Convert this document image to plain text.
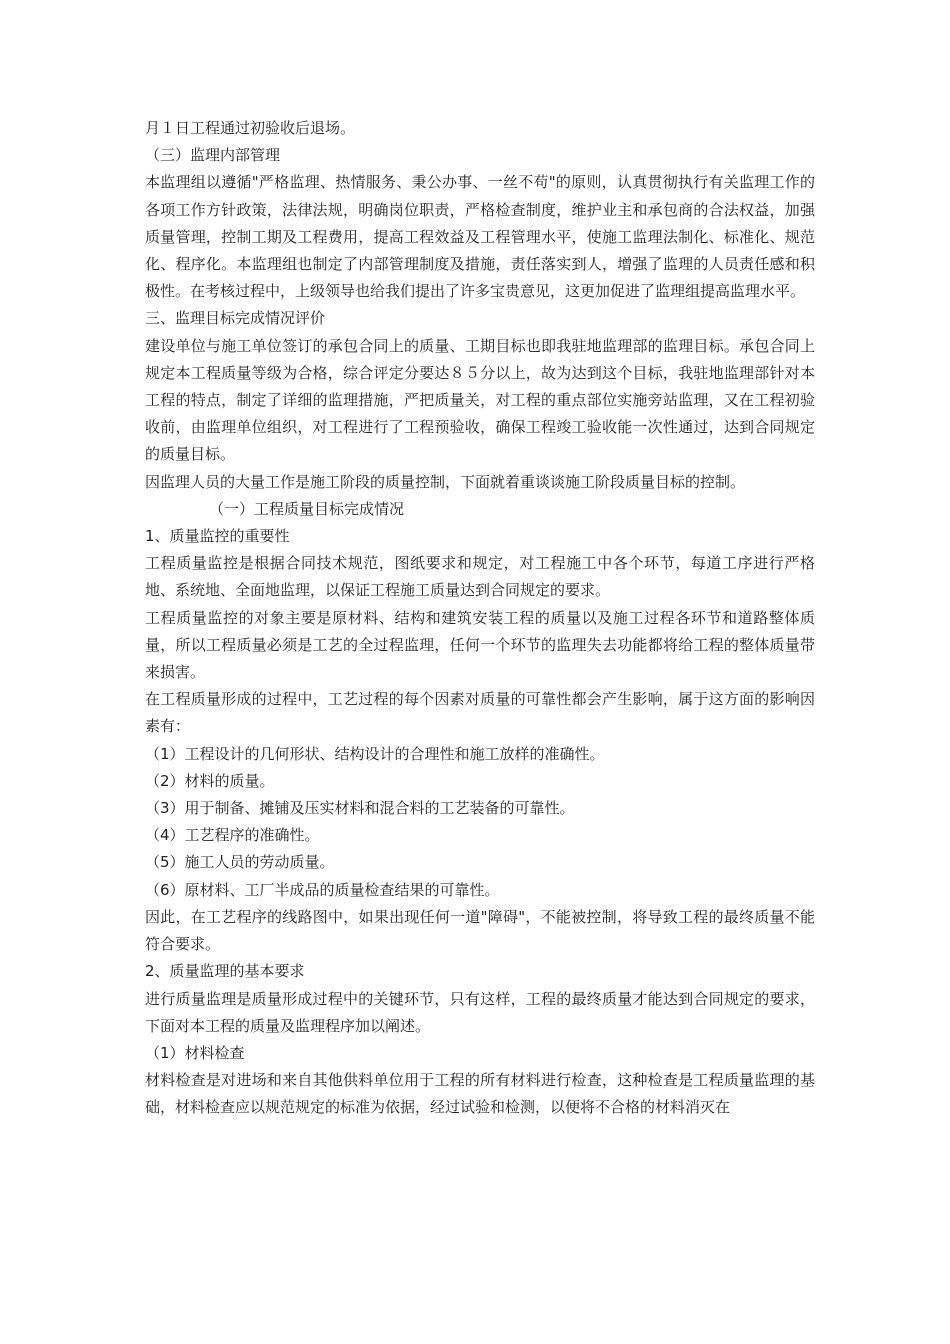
月１日工程通过初验收后退场。

（三）监理内部管理

本监理组以遵循"严格监理、热情服务、秉公办事、一丝不苟"的原则，认真贯彻执行有关监理工作的各项工作方针政策，法律法规，明确岗位职责，严格检查制度，维护业主和承包商的合法权益，加强质量管理，控制工期及工程费用，提高工程效益及工程管理水平，使施工监理法制化、标准化、规范化、程序化。本监理组也制定了内部管理制度及措施，责任落实到人，增强了监理的人员责任感和积极性。在考核过程中，上级领导也给我们提出了许多宝贵意见，这更加促进了监理组提高监理水平。

三、监理目标完成情况评价

建设单位与施工单位签订的承包合同上的质量、工期目标也即我驻地监理部的监理目标。承包合同上规定本工程质量等级为合格，综合评定分要达８５分以上，故为达到这个目标，我驻地监理部针对本工程的特点，制定了详细的监理措施，严把质量关，对工程的重点部位实施旁站监理，又在工程初验收前，由监理单位组织，对工程进行了工程预验收，确保工程竣工验收能一次性通过，达到合同规定的质量目标。

因监理人员的大量工作是施工阶段的质量控制，下面就着重谈谈施工阶段质量目标的控制。

（一）工程质量目标完成情况

1、质量监控的重要性

工程质量监控是根据合同技术规范，图纸要求和规定，对工程施工中各个环节，每道工序进行严格地、系统地、全面地监理，以保证工程施工质量达到合同规定的要求。

工程质量监控的对象主要是原材料、结构和建筑安装工程的质量以及施工过程各环节和道路整体质量，所以工程质量必须是工艺的全过程监理，任何一个环节的监理失去功能都将给工程的整体质量带来损害。

在工程质量形成的过程中，工艺过程的每个因素对质量的可靠性都会产生影响，属于这方面的影响因素有：

（1）工程设计的几何形状、结构设计的合理性和施工放样的准确性。

（2）材料的质量。

（3）用于制备、摊铺及压实材料和混合料的工艺装备的可靠性。

（4）工艺程序的准确性。

（5）施工人员的劳动质量。

（6）原材料、工厂半成品的质量检查结果的可靠性。

因此，在工艺程序的线路图中，如果出现任何一道"障碍"，不能被控制，将导致工程的最终质量不能符合要求。

2、质量监理的基本要求

进行质量监理是质量形成过程中的关键环节，只有这样，工程的最终质量才能达到合同规定的要求，下面对本工程的质量及监理程序加以阐述。

（1）材料检查

材料检查是对进场和来自其他供料单位用于工程的所有材料进行检查，这种检查是工程质量监理的基础，材料检查应以规范规定的标准为依据，经过试验和检测，以便将不合格的材料消灭在
